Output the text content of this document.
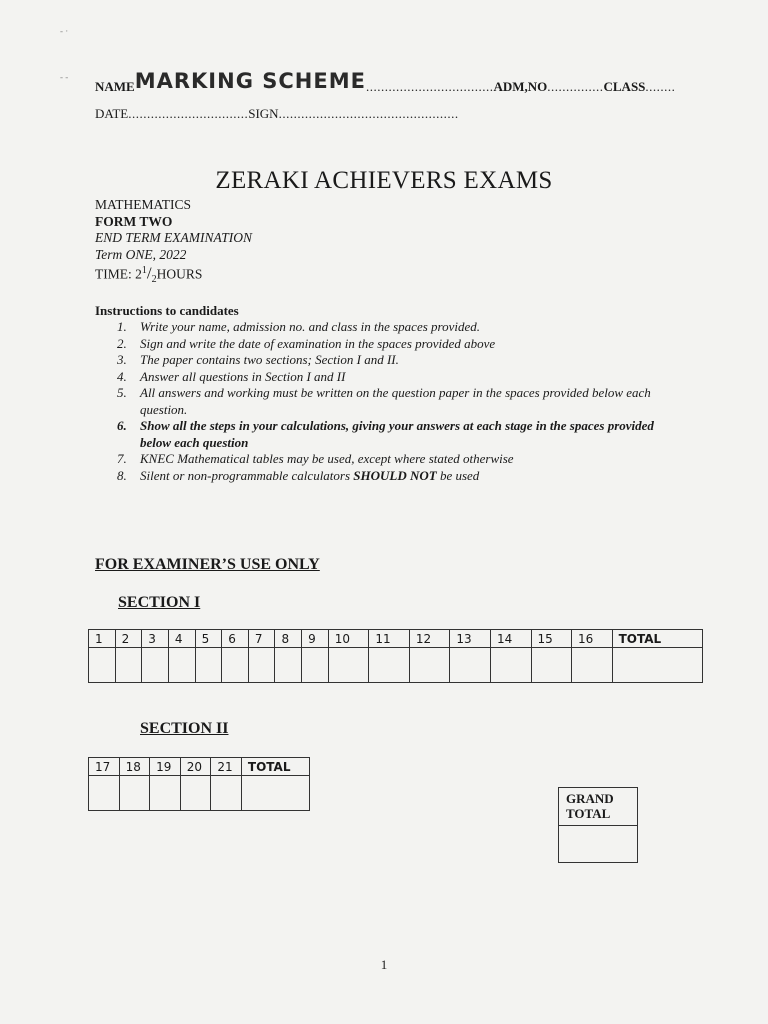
- ·
- -
NAMEMARKING SCHEME..................................ADM,NO...............CLASS........
DATE................................SIGN................................................
ZERAKI ACHIEVERS EXAMS
MATHEMATICS
FORM TWO
END TERM EXAMINATION
Term ONE, 2022
TIME: $2^1/_2HOURS$
Instructions to candidates
1.	Write your name, admission no. and class in the spaces provided.
2.	Sign and write the date of examination in the spaces provided above
3.	The paper contains two sections; Section I and II.
4.	Answer all questions in Section I and II
5.	All answers and working must be written on the question paper in the spaces provided below each question.
6.	Show all the steps in your calculations, giving your answers at each stage in the spaces provided below each question
7.	KNEC Mathematical tables may be used, except where stated otherwise
8.	Silent or non-programmable calculators SHOULD NOT be used
FOR EXAMINER’S USE ONLY
SECTION I
1	2	3	4	5	6	7	8	9	10	11	12	13	14	15	16	TOTAL

SECTION II
17	18	19	20	21	TOTAL

GRAND
TOTAL
1
